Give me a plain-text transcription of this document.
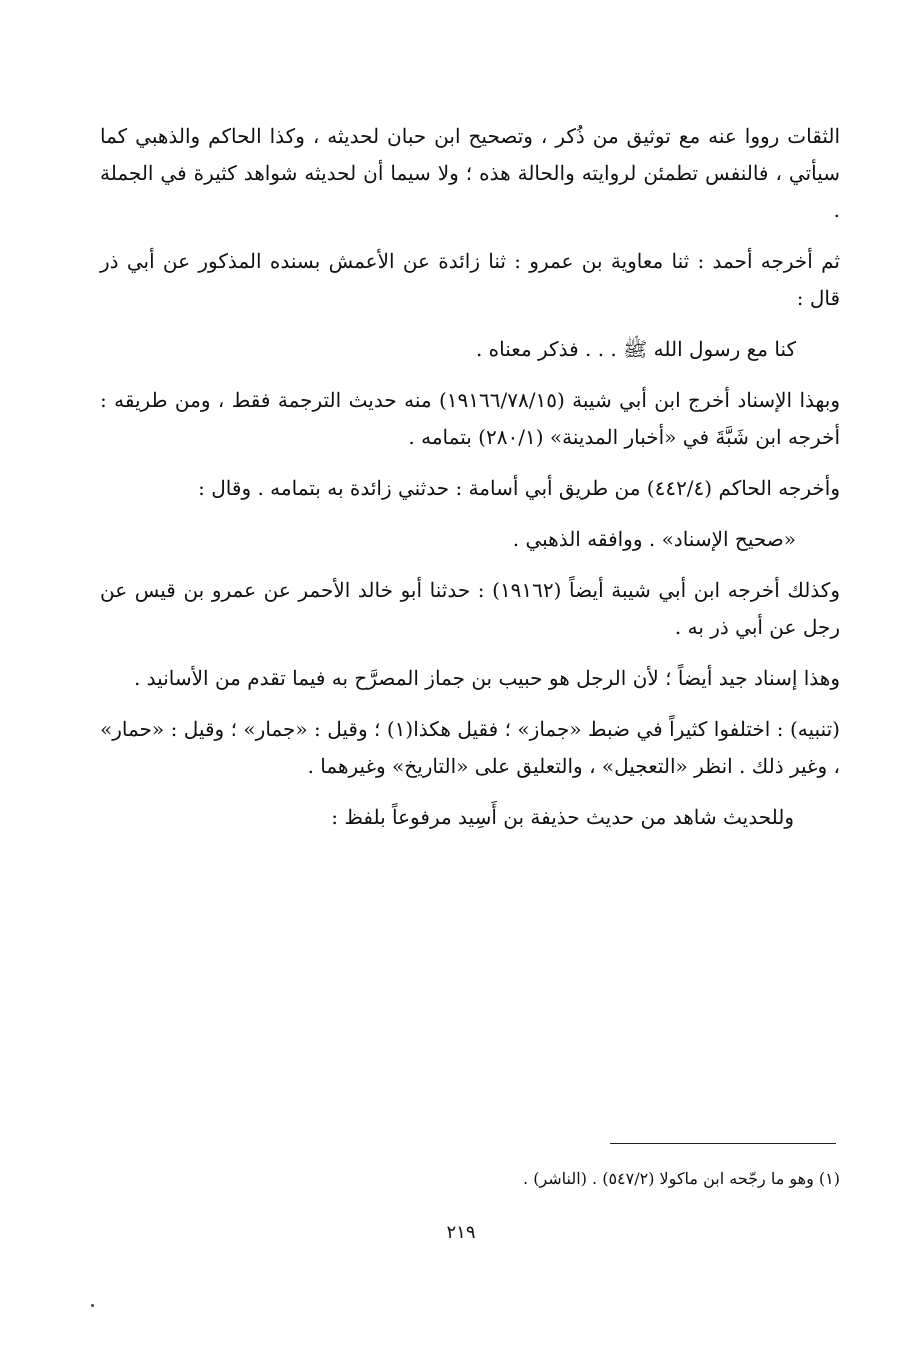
الثقات رووا عنه مع توثيق من ذُكر ، وتصحيح ابن حبان لحديثه ، وكذا الحاكم والذهبي كما سيأتي ، فالنفس تطمئن لروايته والحالة هذه ؛ ولا سيما أن لحديثه شواهد كثيرة في الجملة .

ثم أخرجه أحمد : ثنا معاوية بن عمرو : ثنا زائدة عن الأعمش بسنده المذكور عن أبي ذر قال :

كنا مع رسول الله ﷺ . . . فذكر معناه .

وبهذا الإسناد أخرج ابن أبي شيبة (١٩١٦٦/٧٨/١٥) منه حديث الترجمة فقط ، ومن طريقه : أخرجه ابن شَبَّةَ في «أخبار المدينة» (٢٨٠/١) بتمامه .

وأخرجه الحاكم (٤٤٢/٤) من طريق أبي أسامة : حدثني زائدة به بتمامه . وقال :

«صحيح الإسناد» . ووافقه الذهبي .

وكذلك أخرجه ابن أبي شيبة أيضاً (١٩١٦٢) : حدثنا أبو خالد الأحمر عن عمرو بن قيس عن رجل عن أبي ذر به .

وهذا إسناد جيد أيضاً ؛ لأن الرجل هو حبيب بن جماز المصرَّح به فيما تقدم من الأسانيد .

(تنبيه) : اختلفوا كثيراً في ضبط «جماز» ؛ فقيل هكذا(١) ؛ وقيل : «جمار» ؛ وقيل : «حمار» ، وغير ذلك . انظر «التعجيل» ، والتعليق على «التاريخ» وغيرهما .

وللحديث شاهد من حديث حذيفة بن أَسِيد مرفوعاً بلفظ :

(١) وهو ما رجّحه ابن ماكولا (٥٤٧/٢) . (الناشر) .
٢١٩
